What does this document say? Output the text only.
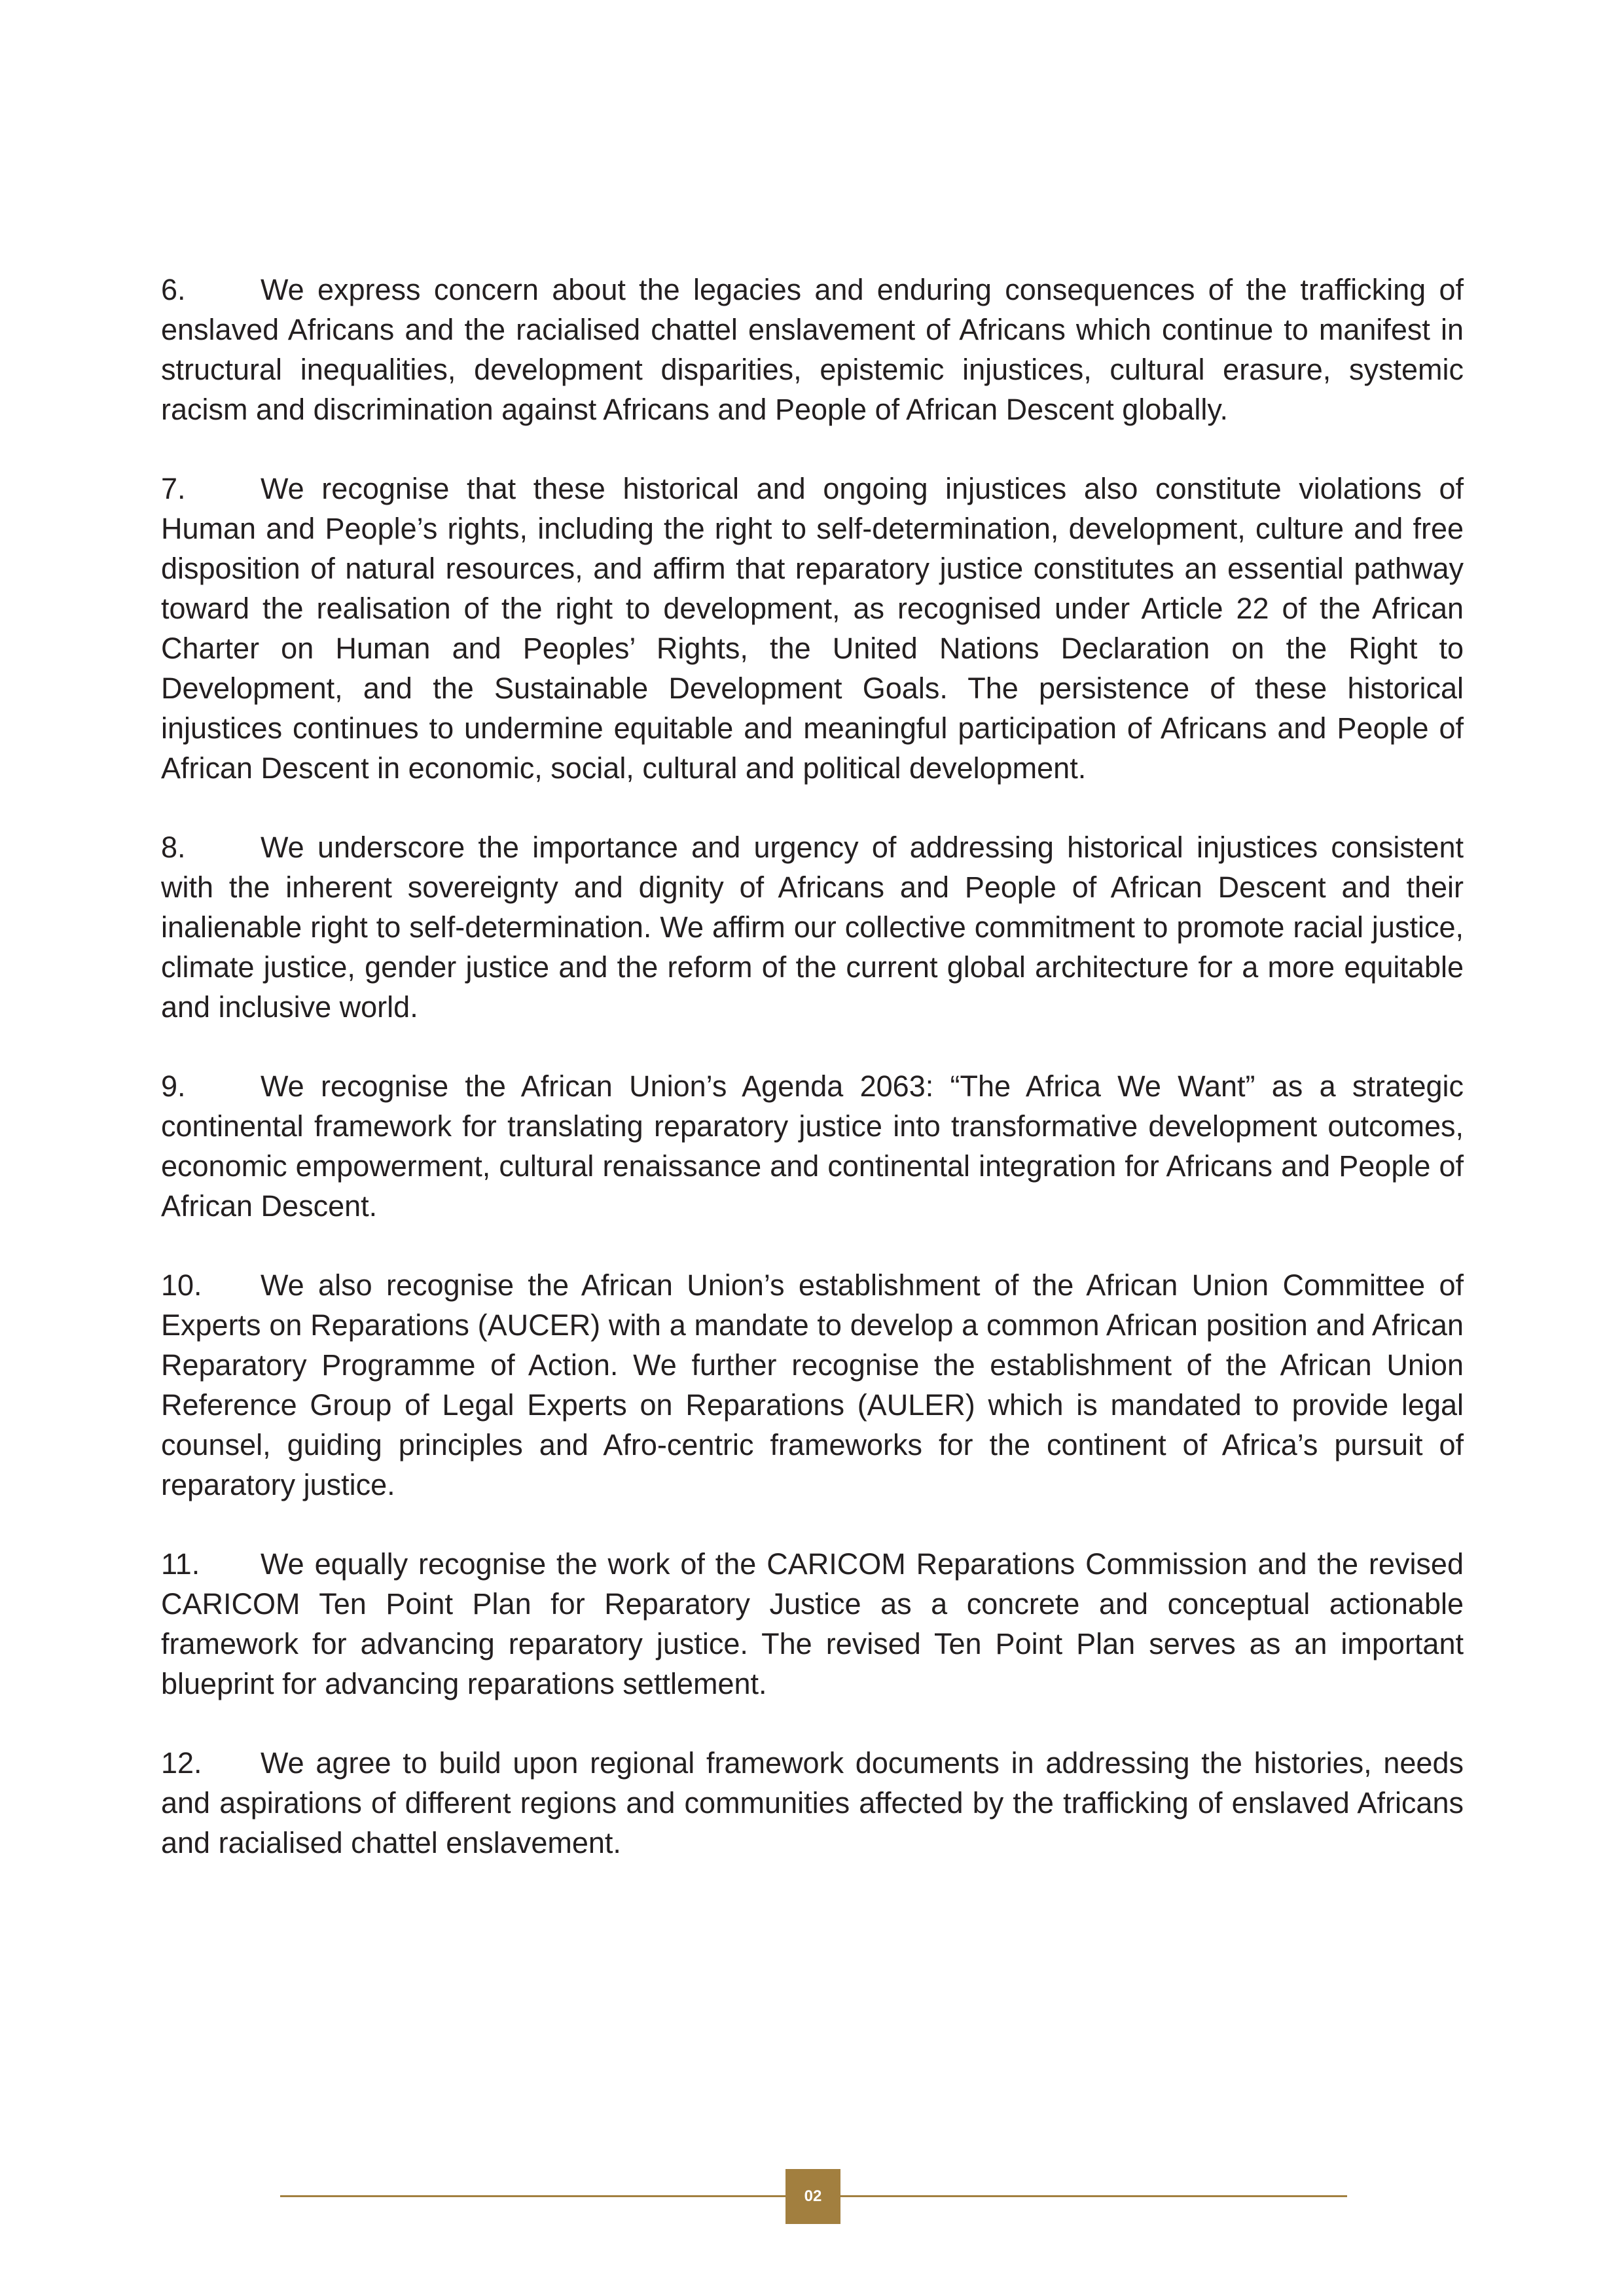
6.	We express concern about the legacies and enduring consequences of the trafficking of enslaved Africans and the racialised chattel enslavement of Africans which continue to manifest in structural inequalities, development disparities, epistemic injustices, cultural erasure, systemic racism and discrimination against Africans and People of African Descent globally.

7.	We recognise that these historical and ongoing injustices also constitute violations of Human and People’s rights, including the right to self-determination, development, culture and free disposition of natural resources, and affirm that reparatory justice constitutes an essential pathway toward the realisation of the right to development, as recognised under Article 22 of the African Charter on Human and Peoples’ Rights, the United Nations Declaration on the Right to Development, and the Sustainable Development Goals. The persistence of these historical injustices continues to undermine equitable and meaningful participation of Africans and People of African Descent in economic, social, cultural and political development.

8.	We underscore the importance and urgency of addressing historical injustices consistent with the inherent sovereignty and dignity of Africans and People of African Descent and their inalienable right to self-determination. We affirm our collective commitment to promote racial justice, climate justice, gender justice and the reform of the current global architecture for a more equitable and inclusive world.

9.	We recognise the African Union’s Agenda 2063: “The Africa We Want” as a strategic continental framework for translating reparatory justice into transformative development outcomes, economic empowerment, cultural renaissance and continental integration for Africans and People of African Descent.

10. We also recognise the African Union’s establishment of the African Union Committee of Experts on Reparations (AUCER) with a mandate to develop a common African position and African Reparatory Programme of Action. We further recognise the establishment of the African Union Reference Group of Legal Experts on Reparations (AULER) which is mandated to provide legal counsel, guiding principles and Afro-centric frameworks for the continent of Africa’s pursuit of reparatory justice.

11. We equally recognise the work of the CARICOM Reparations Commission and the revised CARICOM Ten Point Plan for Reparatory Justice as a concrete and conceptual actionable framework for advancing reparatory justice. The revised Ten Point Plan serves as an important blueprint for advancing reparations settlement.

12. We agree to build upon regional framework documents in addressing the histories, needs and aspirations of different regions and communities affected by the trafficking of enslaved Africans and racialised chattel enslavement.

02
